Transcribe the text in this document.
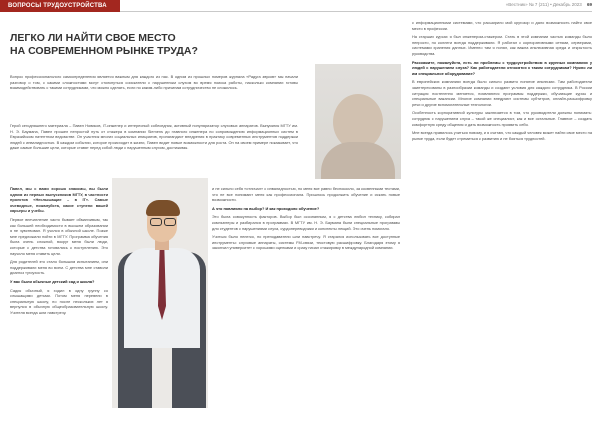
ВОПРОСЫ ТРУДОУСТРОЙСТВА	«Вестник» № 7 (211) • Декабрь 2023 69
ЛЕГКО ЛИ НАЙТИ СВОЕ МЕСТО
НА СОВРЕМЕННОМ РЫНКЕ ТРУДА?

Вопрос профессионального самоопределения является важным для каждого из нас. В одном из прошлых номеров журнала «Радуга звуков» мы начали разговор о том, с какими сложностями могут столкнуться соискатели с нарушенным слухом во время поиска работы, насколько компании готовы взаимодействовать с такими сотрудниками, что можно сделать, если по каким-либо причинам сотрудничество не сложилось.

Герой сегодняшнего материала – Павел Новиков, IT-инженер и интересный собеседник, активный популяризатор слуховых аппаратов. Выпускник МГТУ им. Н. Э. Баумана, Павел прошел непростой путь от стажера в компании Siemens до главного инженера по сопровождению информационных систем в Евразийском патентном ведомстве. Он участник многих социальных инициатив, пропагандист внедрения в практику современных инструментов поддержки людей с инвалидностью. В каждом событии, которое происходит в жизни, Павел видит новые возможности для роста. Он на своем примере показывает, что даже самые большие цели, которые ставят перед собой люди с нарушенным слухом, достижимы.

Павел, мы с вами хорошо знакомы, вы были одним из первых выпускников МГТУ, в частности проектов «Неслышащие – в IT». Самые очевидные, пожалуйста, какие ступени вашей карьеры и учебы.

Первое впечатление часто бывает обманчивым, так как большей необходимости в высшем образовании я не чувствовал. Я учился в обычной школе. Позже мне предложили пойти в МГТУ. Программа обучения была очень сложной, вокруг меня были люди, которые с детства готовились к поступлению. Это научило меня ставить цели.

Для родителей это стало большим испытанием, они поддерживали меня во всем. С детства мне ставили диагноз тугоухость.

У вас были обычные детский сад и школа?

Садик обычный, я ходил в одну группу со слышащими детьми. Потом меня перевели в специальную школу, но после нескольких лет я вернулся в обычную общеобразовательную школу. Учителя всегда шли навстречу.

и не сильно себя «отличал» с инвалидностью, но меня все равно беспокоило, за косвенными тестами, что не все понимают меня как профессионала. Пришлось продолжить обучение и искать новые возможности.

А что повлияло на выбор? И как проходило обучение?

Это была совокупность факторов. Выбор был осознанным, я с детства любил технику, собирал компьютеры и разбирался в программах. В МГТУ им. Н. Э. Баумана были специальные программы для студентов с нарушениями слуха, сурдопереводчики и конспекты лекций. Это очень помогало.

Учиться было нелегко, но преподаватели шли навстречу. Я старался использовать все доступные инструменты: слуховые аппараты, системы FM-связи, текстовую расшифровку. Благодаря этому я закончил университет с хорошими оценками и сразу начал стажировку в международной компании.

с информационными системами, что расширило мой кругозор и дало возможность найти свое место в профессии.

На старших курсах я был инженером-стажером. Стать в этой компании частью команды было непросто, но коллеги всегда поддерживали. Я работал с корпоративными сетями, серверами, системами хранения данных. Именно там я понял, как важна инклюзивная среда и открытость руководства.

Расскажите, пожалуйста, есть ли проблемы с трудоустройством в крупных компаниях у людей с нарушением слуха? Как работодатели относятся к таким сотрудникам? Нужно ли им специальное оборудование?

В европейских компаниях всегда было сильно развито понятие инклюзии. Там работодатели заинтересованы в разнообразии команды и создают условия для каждого сотрудника. В России ситуация постепенно меняется, появляются программы поддержки, обучающие курсы и специальные вакансии. Многие компании внедряют системы субтитров, онлайн-расшифровку речи и другие вспомогательные технологии.

Особенность корпоративной культуры заключается в том, что руководители должны понимать: сотрудник с нарушением слуха – такой же специалист, как и все остальные. Главное – создать комфортную среду общения и дать возможность проявить себя.

Мне всегда нравилось учиться новому, и я считаю, что каждый человек может найти свое место на рынке труда, если будет стремиться к развитию и не бояться трудностей.
